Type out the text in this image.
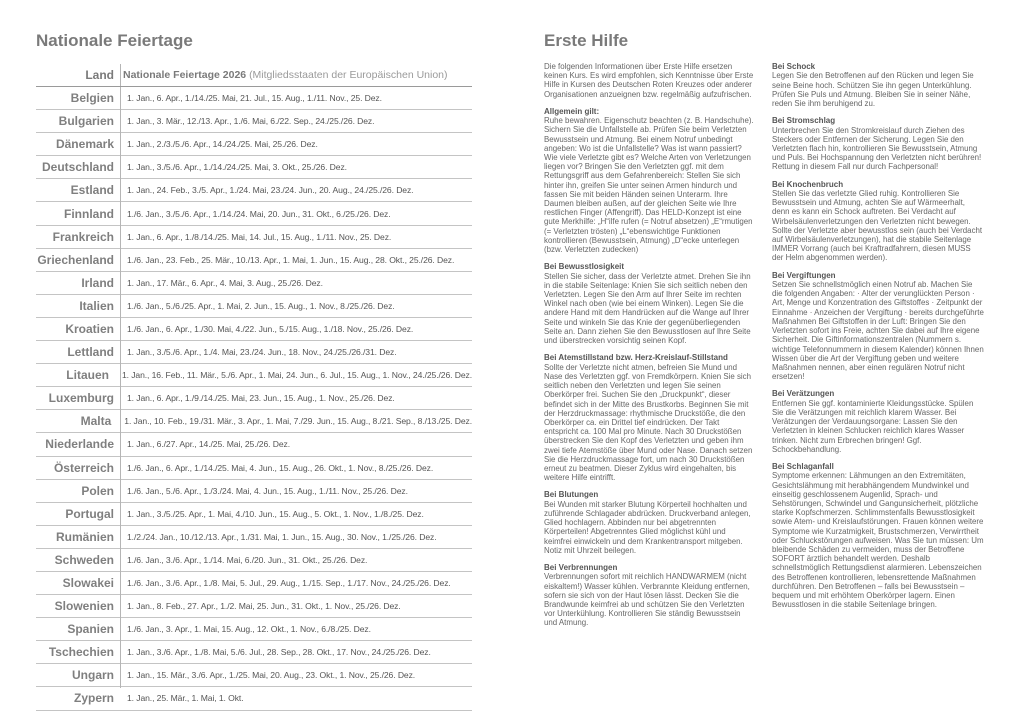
Nationale Feiertage
Land Nationale Feiertage 2026 (Mitgliedsstaaten der Europäischen Union)
Belgien	1. Jan., 6. Apr., 1./14./25. Mai, 21. Jul., 15. Aug., 1./11. Nov., 25. Dez.
Bulgarien	1. Jan., 3. Mär., 12./13. Apr., 1./6. Mai, 6./22. Sep., 24./25./26. Dez.
Dänemark	1. Jan., 2./3./5./6. Apr., 14./24./25. Mai, 25./26. Dez.
Deutschland	1. Jan., 3./5./6. Apr., 1./14./24./25. Mai, 3. Okt., 25./26. Dez.
Estland	1. Jan., 24. Feb., 3./5. Apr., 1./24. Mai, 23./24. Jun., 20. Aug., 24./25./26. Dez.
Finnland	1./6. Jan., 3./5./6. Apr., 1./14./24. Mai, 20. Jun., 31. Okt., 6./25./26. Dez.
Frankreich	1. Jan., 6. Apr., 1./8./14./25. Mai, 14. Jul., 15. Aug., 1./11. Nov., 25. Dez.
Griechenland	1./6. Jan., 23. Feb., 25. Mär., 10./13. Apr., 1. Mai, 1. Jun., 15. Aug., 28. Okt., 25./26. Dez.
Irland	1. Jan., 17. Mär., 6. Apr., 4. Mai, 3. Aug., 25./26. Dez.
Italien	1./6. Jan., 5./6./25. Apr., 1. Mai, 2. Jun., 15. Aug., 1. Nov., 8./25./26. Dez.
Kroatien	1./6. Jan., 6. Apr., 1./30. Mai, 4./22. Jun., 5./15. Aug., 1./18. Nov., 25./26. Dez.
Lettland	1. Jan., 3./5./6. Apr., 1./4. Mai, 23./24. Jun., 18. Nov., 24./25./26./31. Dez.
Litauen	1. Jan., 16. Feb., 11. Mär., 5./6. Apr., 1. Mai, 24. Jun., 6. Jul., 15. Aug., 1. Nov., 24./25./26. Dez.
Luxemburg	1. Jan., 6. Apr., 1./9./14./25. Mai, 23. Jun., 15. Aug., 1. Nov., 25./26. Dez.
Malta	1. Jan., 10. Feb., 19./31. Mär., 3. Apr., 1. Mai, 7./29. Jun., 15. Aug., 8./21. Sep., 8./13./25. Dez.
Niederlande	1. Jan., 6./27. Apr., 14./25. Mai, 25./26. Dez.
Österreich	1./6. Jan., 6. Apr., 1./14./25. Mai, 4. Jun., 15. Aug., 26. Okt., 1. Nov., 8./25./26. Dez.
Polen	1./6. Jan., 5./6. Apr., 1./3./24. Mai, 4. Jun., 15. Aug., 1./11. Nov., 25./26. Dez.
Portugal	1. Jan., 3./5./25. Apr., 1. Mai, 4./10. Jun., 15. Aug., 5. Okt., 1. Nov., 1./8./25. Dez.
Rumänien	1./2./24. Jan., 10./12./13. Apr., 1./31. Mai, 1. Jun., 15. Aug., 30. Nov., 1./25./26. Dez.
Schweden	1./6. Jan., 3./6. Apr., 1./14. Mai, 6./20. Jun., 31. Okt., 25./26. Dez.
Slowakei	1./6. Jan., 3./6. Apr., 1./8. Mai, 5. Jul., 29. Aug., 1./15. Sep., 1./17. Nov., 24./25./26. Dez.
Slowenien	1. Jan., 8. Feb., 27. Apr., 1./2. Mai, 25. Jun., 31. Okt., 1. Nov., 25./26. Dez.
Spanien	1./6. Jan., 3. Apr., 1. Mai, 15. Aug., 12. Okt., 1. Nov., 6./8./25. Dez.
Tschechien	1. Jan., 3./6. Apr., 1./8. Mai, 5./6. Jul., 28. Sep., 28. Okt., 17. Nov., 24./25./26. Dez.
Ungarn	1. Jan., 15. Mär., 3./6. Apr., 1./25. Mai, 20. Aug., 23. Okt., 1. Nov., 25./26. Dez.
Zypern	1. Jan., 25. Mär., 1. Mai, 1. Okt.
Erste Hilfe

Die folgenden Informationen über Erste Hilfe ersetzen keinen Kurs. Es wird empfohlen, sich Kenntnisse über Erste Hilfe in Kursen des Deutschen Roten Kreuzes oder anderer Organisationen anzueignen bzw. regelmäßig aufzufrischen.

Allgemein gilt:

Ruhe bewahren. Eigenschutz beachten (z. B. Handschuhe). Sichern Sie die Unfallstelle ab. Prüfen Sie beim Verletzten Bewusstsein und Atmung. Bei einem Notruf unbedingt angeben: Wo ist die Unfallstelle? Was ist wann passiert? Wie viele Verletzte gibt es? Welche Arten von Verletzungen liegen vor? Bringen Sie den Verletzten ggf. mit dem Rettungsgriff aus dem Gefahrenbereich: Stellen Sie sich hinter ihn, greifen Sie unter seinen Armen hindurch und fassen Sie mit beiden Händen seinen Unterarm. Ihre Daumen bleiben außen, auf der gleichen Seite wie Ihre restlichen Finger (Affengriff). Das HELD-Konzept ist eine gute Merkhilfe: „H“ilfe rufen (= Notruf absetzen) „E“rmutigen (= Verletzten trösten) „L“ebenswichtige Funktionen kontrollieren (Bewusstsein, Atmung) „D“ecke unterlegen (bzw. Verletzten zudecken)

Bei Bewusstlosigkeit

Stellen Sie sicher, dass der Verletzte atmet. Drehen Sie ihn in die stabile Seitenlage: Knien Sie sich seitlich neben den Verletzten. Legen Sie den Arm auf Ihrer Seite im rechten Winkel nach oben (wie bei einem Winken). Legen Sie die andere Hand mit dem Handrücken auf die Wange auf Ihrer Seite und winkeln Sie das Knie der gegenüberliegenden Seite an. Dann ziehen Sie den Bewusstlosen auf Ihre Seite und überstrecken vorsichtig seinen Kopf.

Bei Atemstillstand bzw. Herz-Kreislauf-Stillstand

Sollte der Verletzte nicht atmen, befreien Sie Mund und Nase des Verletzten ggf. von Fremdkörpern. Knien Sie sich seitlich neben den Verletzten und legen Sie seinen Oberkörper frei. Suchen Sie den „Druckpunkt“, dieser befindet sich in der Mitte des Brustkorbs. Beginnen Sie mit der Herzdruckmassage: rhythmische Druckstöße, die den Oberkörper ca. ein Drittel tief eindrücken. Der Takt entspricht ca. 100 Mal pro Minute. Nach 30 Druckstößen überstrecken Sie den Kopf des Verletzten und geben ihm zwei tiefe Atemstöße über Mund oder Nase. Danach setzen Sie die Herzdruckmassage fort, um nach 30 Druckstößen erneut zu beatmen. Dieser Zyklus wird eingehalten, bis weitere Hilfe eintrifft.

Bei Blutungen

Bei Wunden mit starker Blutung Körperteil hochhalten und zuführende Schlagader abdrücken. Druckverband anlegen, Glied hochlagern. Abbinden nur bei abgetrennten Körperteilen! Abgetrenntes Glied möglichst kühl und keimfrei einwickeln und dem Krankentransport mitgeben. Notiz mit Uhrzeit beilegen.

Bei Verbrennungen

Verbrennungen sofort mit reichlich HANDWARMEM (nicht eiskaltem!) Wasser kühlen. Verbrannte Kleidung entfernen, sofern sie sich von der Haut lösen lässt. Decken Sie die Brandwunde keimfrei ab und schützen Sie den Verletzten vor Unterkühlung. Kontrollieren Sie ständig Bewusstsein und Atmung.

Bei Schock

Legen Sie den Betroffenen auf den Rücken und legen Sie seine Beine hoch. Schützen Sie ihn gegen Unterkühlung. Prüfen Sie Puls und Atmung. Bleiben Sie in seiner Nähe, reden Sie ihm beruhigend zu.

Bei Stromschlag

Unterbrechen Sie den Stromkreislauf durch Ziehen des Steckers oder Entfernen der Sicherung. Legen Sie den Verletzten flach hin, kontrollieren Sie Bewusstsein, Atmung und Puls. Bei Hochspannung den Verletzten nicht berühren! Rettung in diesem Fall nur durch Fachpersonal!

Bei Knochenbruch

Stellen Sie das verletzte Glied ruhig. Kontrollieren Sie Bewusstsein und Atmung, achten Sie auf Wärmeerhalt, denn es kann ein Schock auftreten. Bei Verdacht auf Wirbelsäulenverletzungen den Verletzten nicht bewegen. Sollte der Verletzte aber bewusstlos sein (auch bei Verdacht auf Wirbelsäulenverletzungen), hat die stabile Seitenlage IMMER Vorrang (auch bei Kraftradfahrern, diesen MUSS der Helm abgenommen werden).

Bei Vergiftungen

Setzen Sie schnellstmöglich einen Notruf ab. Machen Sie die folgenden Angaben: · Alter der verunglückten Person · Art, Menge und Konzentration des Giftstoffes · Zeitpunkt der Einnahme · Anzeichen der Vergiftung · bereits durchgeführte Maßnahmen Bei Giftstoffen in der Luft: Bringen Sie den Verletzten sofort ins Freie, achten Sie dabei auf Ihre eigene Sicherheit. Die Giftinformationszentralen (Nummern s. wichtige Telefonnummern in diesem Kalender) können Ihnen Wissen über die Art der Vergiftung geben und weitere Maßnahmen nennen, aber einen regulären Notruf nicht ersetzen!

Bei Verätzungen

Entfernen Sie ggf. kontaminierte Kleidungsstücke. Spülen Sie die Verätzungen mit reichlich klarem Wasser. Bei Verätzungen der Verdauungsorgane: Lassen Sie den Verletzten in kleinen Schlucken reichlich klares Wasser trinken. Nicht zum Erbrechen bringen! Ggf. Schockbehandlung.

Bei Schlaganfall

Symptome erkennen: Lähmungen an den Extremitäten, Gesichtslähmung mit herabhängendem Mundwinkel und einseitig geschlossenem Augenlid, Sprach- und Sehstörungen, Schwindel und Gangunsicherheit, plötzliche starke Kopfschmerzen. Schlimmstenfalls Bewusstlosigkeit sowie Atem- und Kreislaufstörungen. Frauen können weitere Symptome wie Kurzatmigkeit, Brustschmerzen, Verwirrtheit oder Schluckstörungen aufweisen. Was Sie tun müssen: Um bleibende Schäden zu vermeiden, muss der Betroffene SOFORT ärztlich behandelt werden. Deshalb schnellstmöglich Rettungsdienst alarmieren. Lebenszeichen des Betroffenen kontrollieren, lebensrettende Maßnahmen durchführen. Den Betroffenen – falls bei Bewusstsein – bequem und mit erhöhtem Oberkörper lagern. Einen Bewusstlosen in die stabile Seitenlage bringen.
